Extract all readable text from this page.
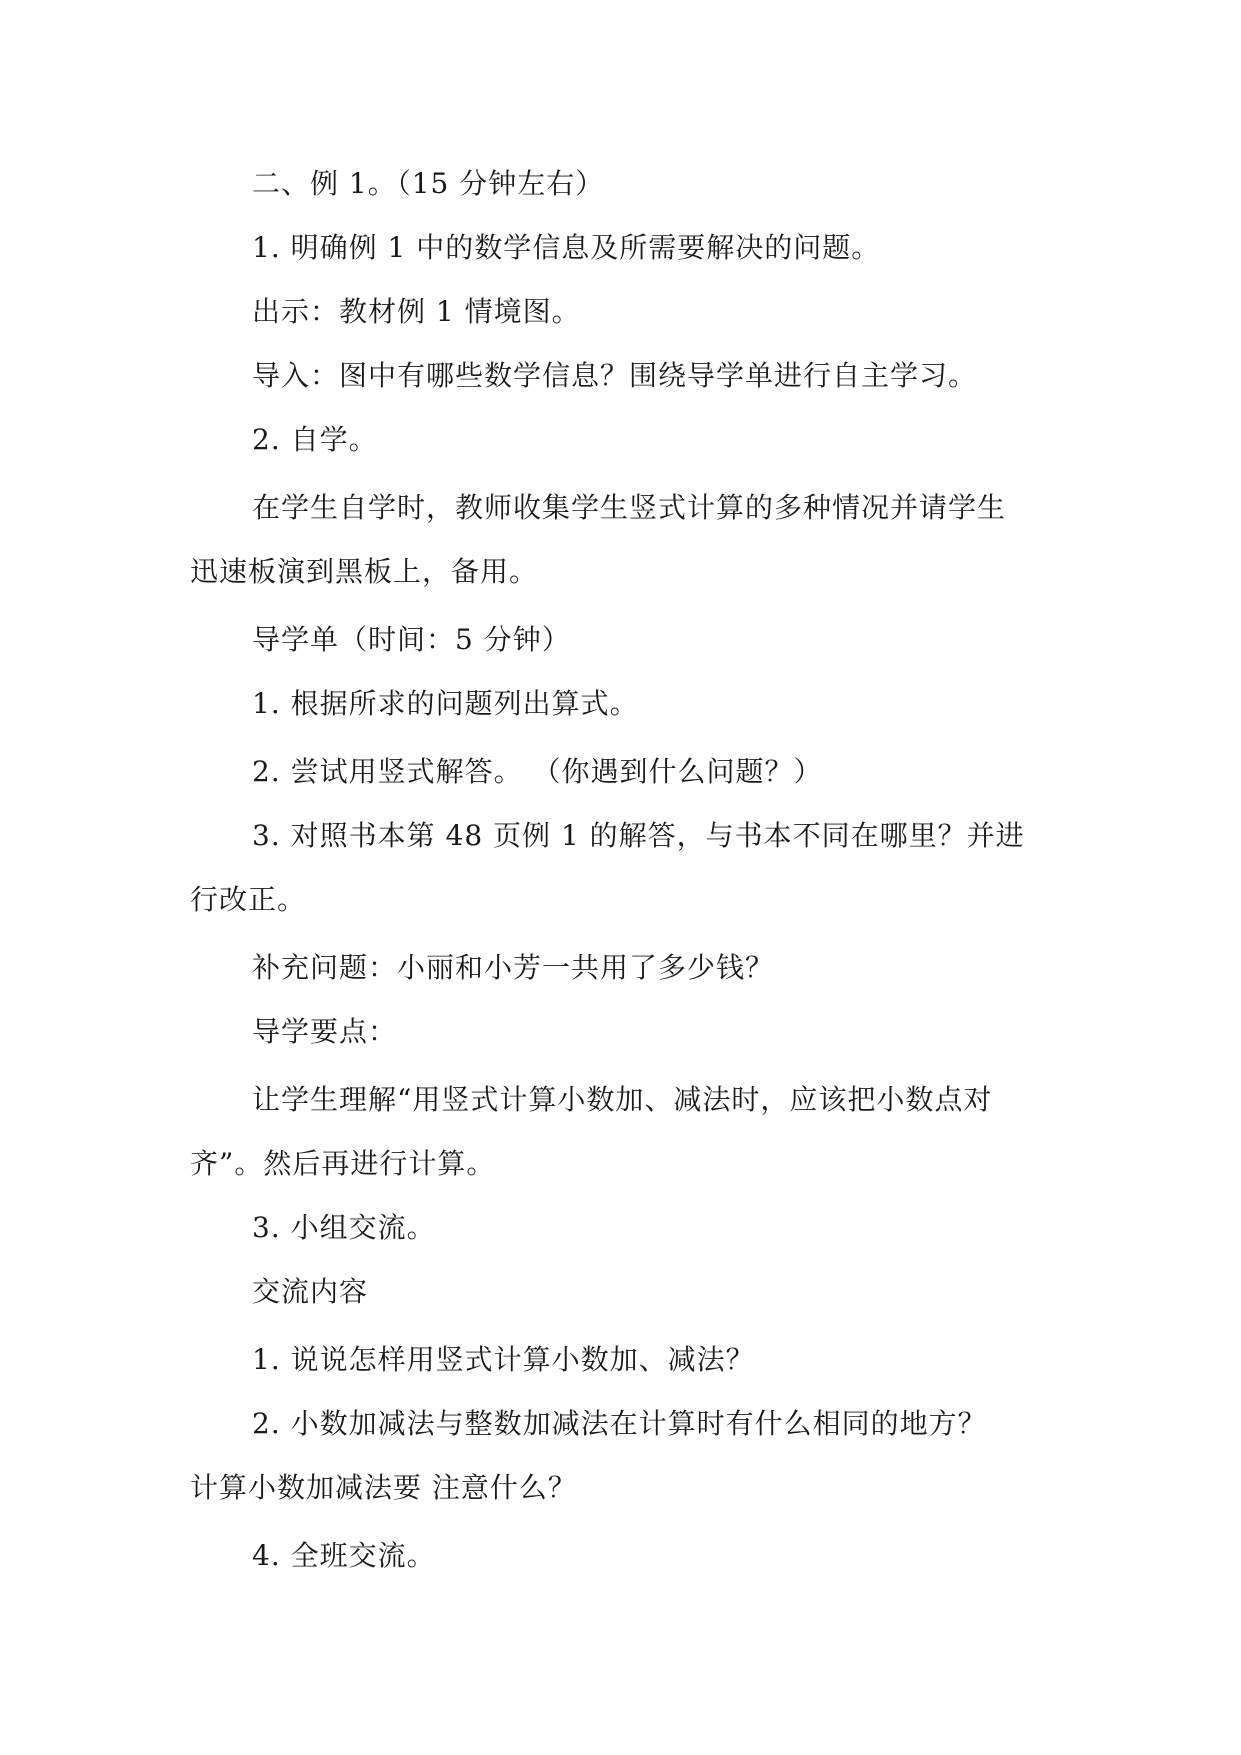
二、例 1。（15 分钟左右）
1. 明确例 1 中的数学信息及所需要解决的问题。
出示：教材例 1 情境图。
导入：图中有哪些数学信息？围绕导学单进行自主学习。
2. 自学。
在学生自学时，教师收集学生竖式计算的多种情况并请学生
迅速板演到黑板上，备用。
导学单（时间：5 分钟）
1. 根据所求的问题列出算式。
2. 尝试用竖式解答。 （你遇到什么问题？）
3. 对照书本第 48 页例 1 的解答，与书本不同在哪里？并进
行改正。
补充问题：小丽和小芳一共用了多少钱？
导学要点：
让学生理解“用竖式计算小数加、减法时，应该把小数点对
齐”。然后再进行计算。
3. 小组交流。
交流内容
1. 说说怎样用竖式计算小数加、减法？
2. 小数加减法与整数加减法在计算时有什么相同的地方？
计算小数加减法要 注意什么？
4. 全班交流。
